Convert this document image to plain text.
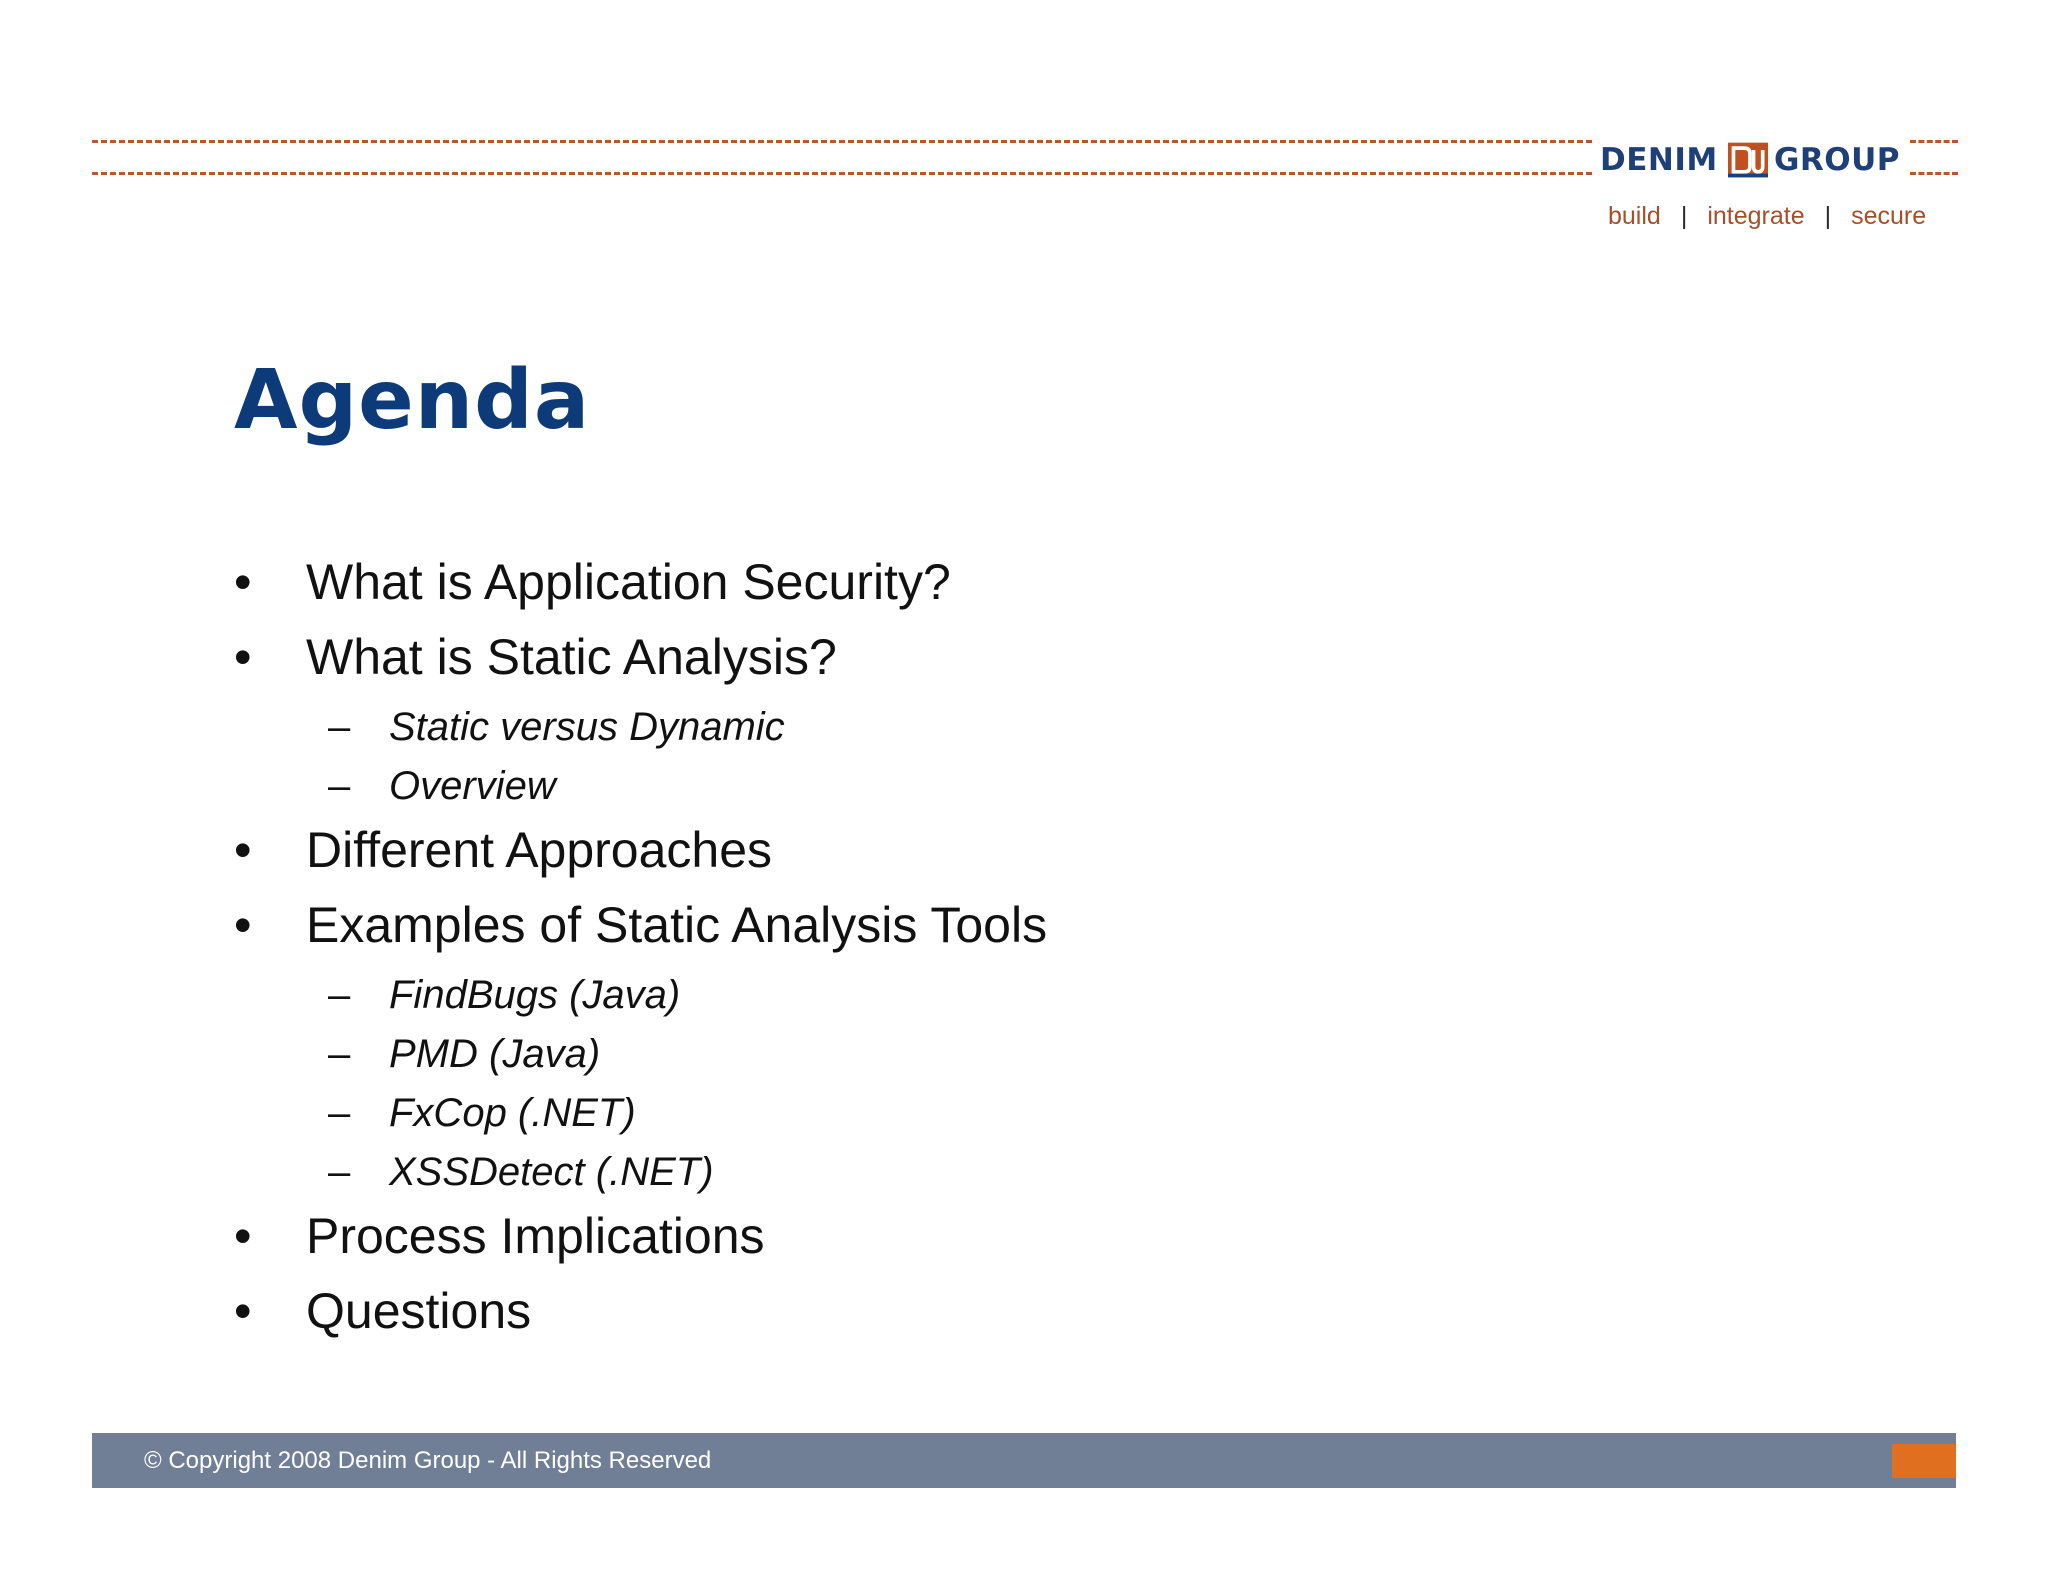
DENIM GROUP
build | integrate | secure
Agenda
• What is Application Security?
• What is Static Analysis?
– Static versus Dynamic
– Overview
• Different Approaches
• Examples of Static Analysis Tools
– FindBugs (Java)
– PMD (Java)
– FxCop (.NET)
– XSSDetect (.NET)
• Process Implications
• Questions
© Copyright 2008 Denim Group - All Rights Reserved
